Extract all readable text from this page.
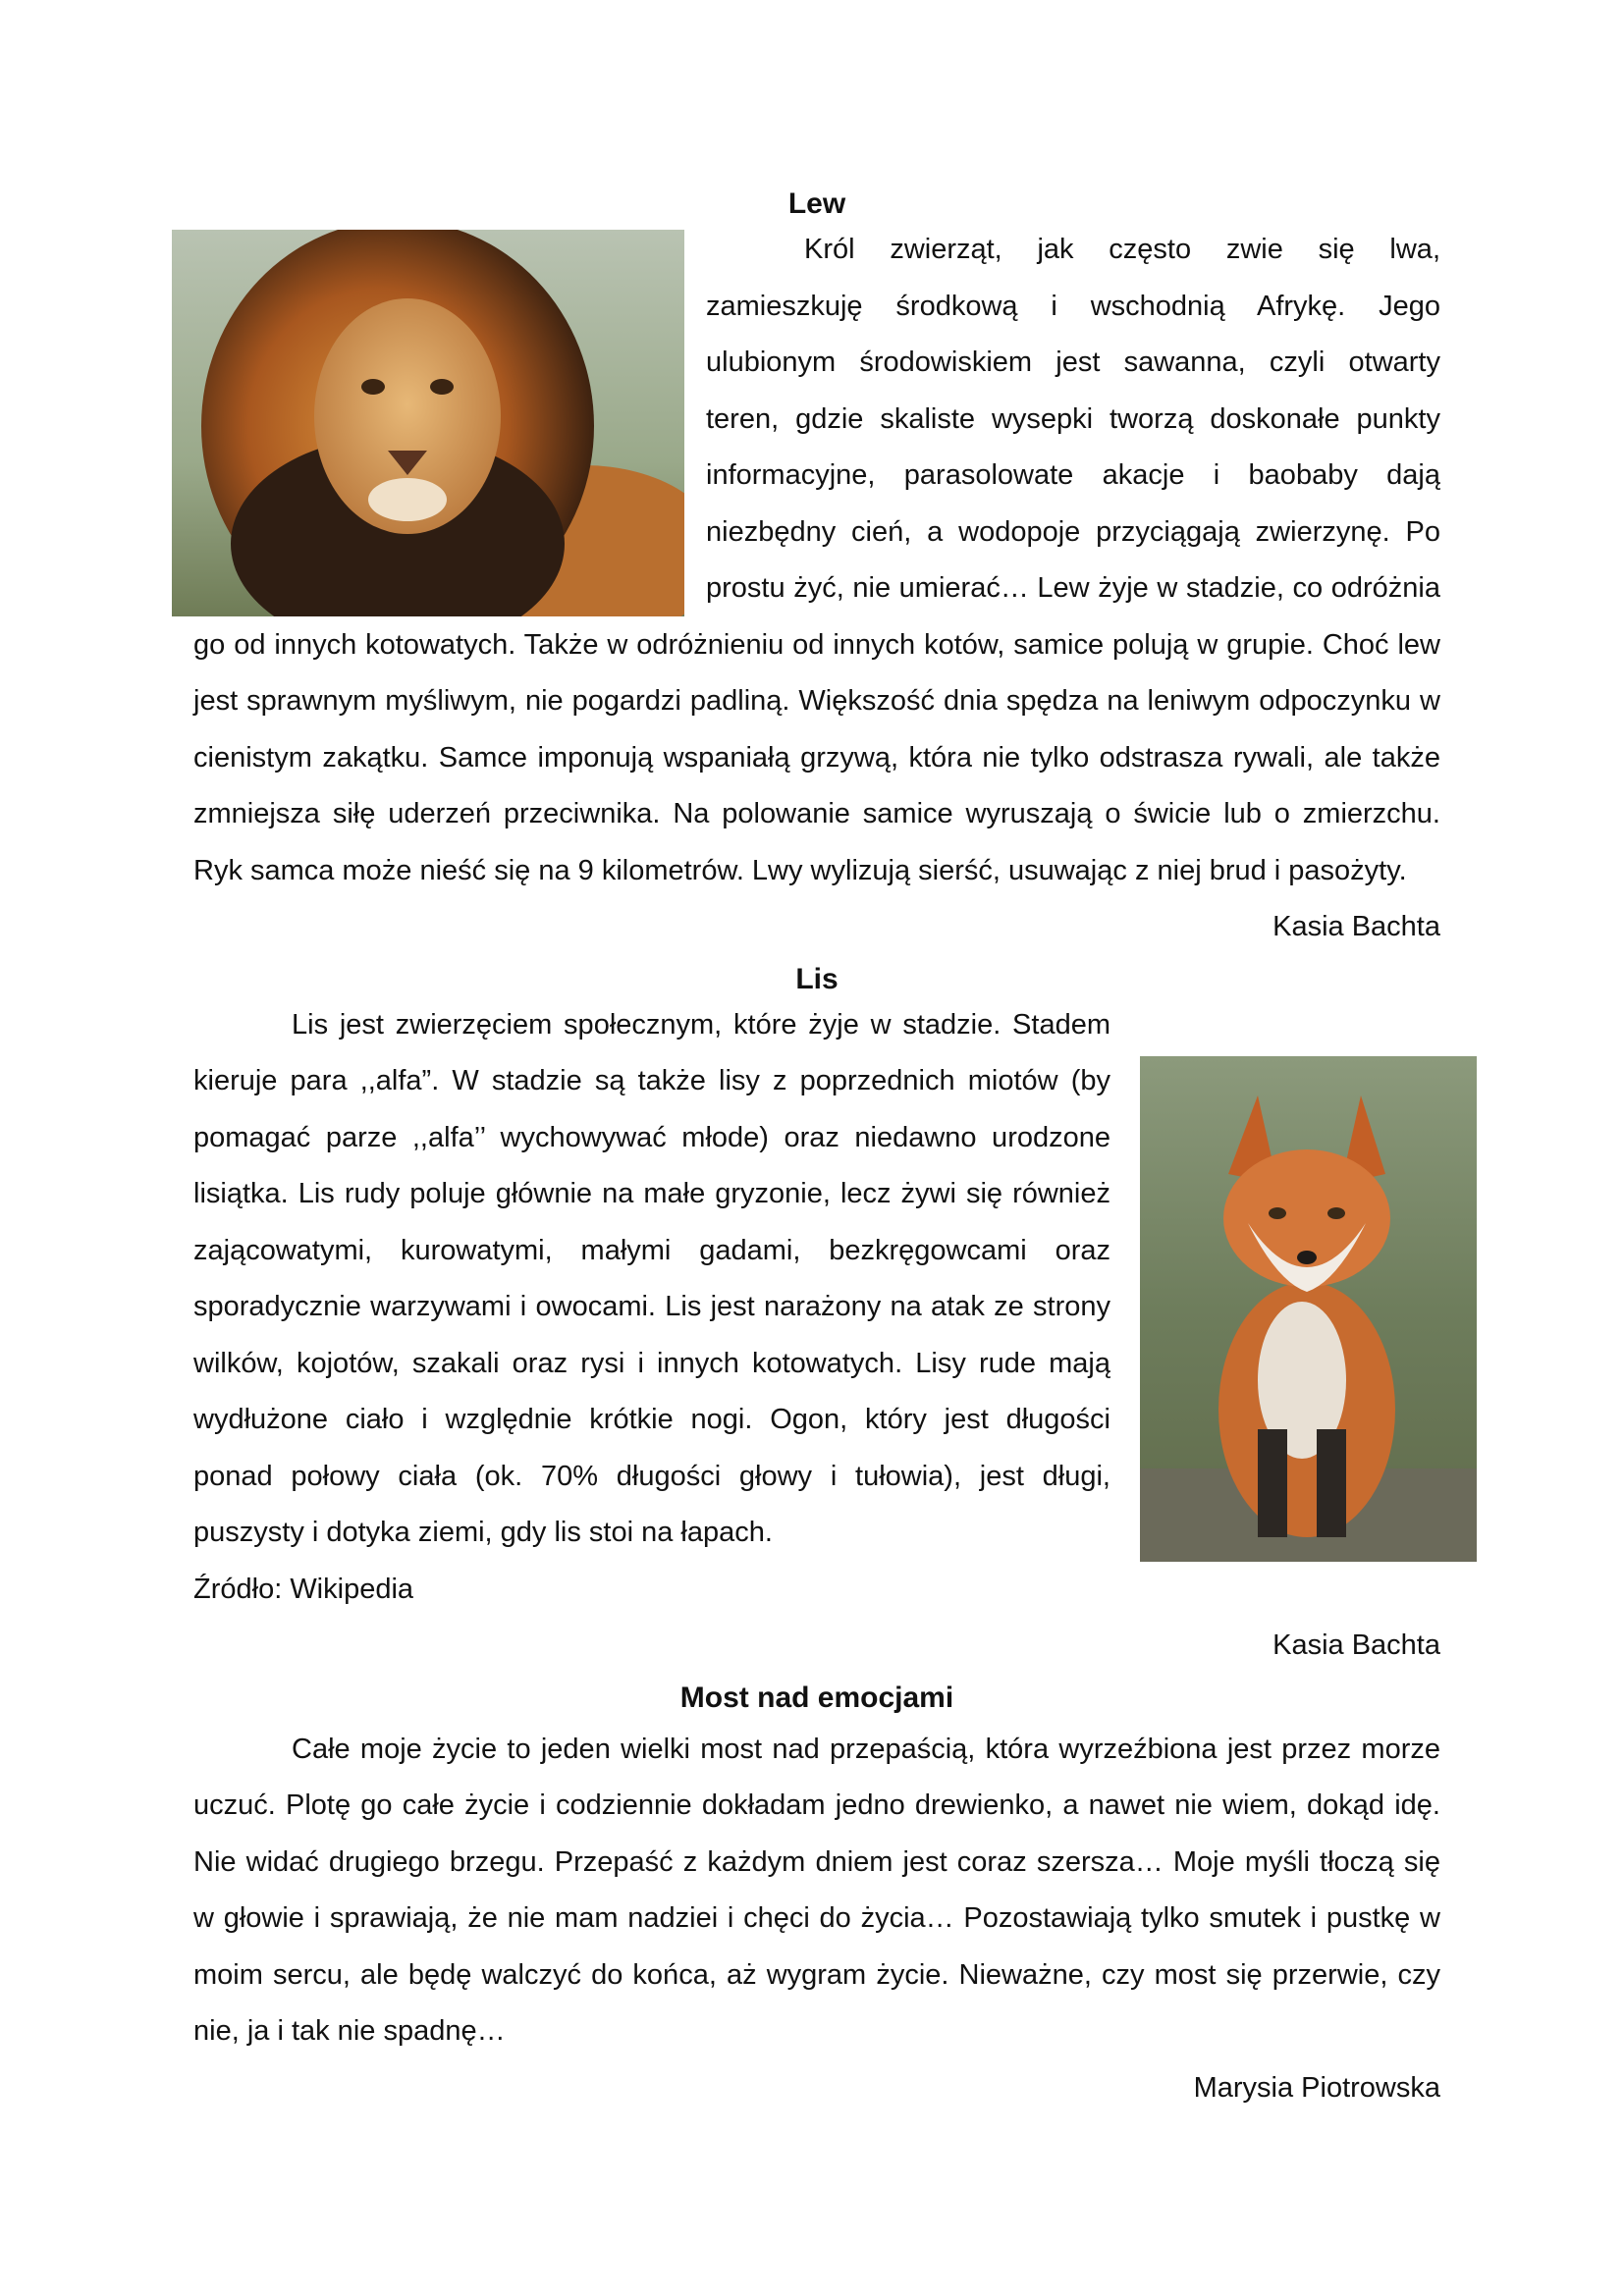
Lew

Król zwierząt, jak często zwie się lwa, zamieszkuję środkową i wschodnią Afrykę. Jego ulubionym środowiskiem jest sawanna, czyli otwarty teren, gdzie skaliste wysepki tworzą doskonałe punkty informacyjne, parasolowate akacje i baobaby dają niezbędny cień, a wodopoje przyciągają zwierzynę. Po prostu żyć, nie umierać… Lew żyje w stadzie, co odróżnia go od innych kotowatych. Także w odróżnieniu od innych kotów, samice polują w grupie. Choć lew jest sprawnym myśliwym, nie pogardzi padliną. Większość dnia spędza na leniwym odpoczynku w cienistym zakątku. Samce imponują wspaniałą grzywą, która nie tylko odstrasza rywali, ale także zmniejsza siłę uderzeń przeciwnika. Na polowanie samice wyruszają o świcie lub o zmierzchu. Ryk samca może nieść się na 9 kilometrów. Lwy wylizują sierść, usuwając z niej brud i pasożyty.

Kasia Bachta

Lis

Lis jest zwierzęciem społecznym, które żyje w stadzie. Stadem kieruje para ,,alfa”. W stadzie są także lisy z poprzednich miotów (by pomagać parze ,,alfa’’ wychowywać młode) oraz niedawno urodzone lisiątka. Lis rudy poluje głównie na małe gryzonie, lecz żywi się również zającowatymi, kurowatymi, małymi gadami, bezkręgowcami oraz sporadycznie warzywami i owocami. Lis jest narażony na atak ze strony wilków, kojotów, szakali oraz rysi i innych kotowatych. Lisy rude mają wydłużone ciało i względnie krótkie nogi. Ogon, który jest długości ponad połowy ciała (ok. 70% długości głowy i tułowia), jest długi, puszysty i dotyka ziemi, gdy lis stoi na łapach.

Źródło: Wikipedia

Kasia Bachta

Most nad emocjami

Całe moje życie to jeden wielki most nad przepaścią, która wyrzeźbiona jest przez morze uczuć. Plotę go całe życie i codziennie dokładam jedno drewienko, a nawet nie wiem, dokąd idę. Nie widać drugiego brzegu. Przepaść z każdym dniem jest coraz szersza… Moje myśli tłoczą się w głowie i sprawiają, że nie mam nadziei i chęci do życia… Pozostawiają tylko smutek i pustkę w moim sercu, ale będę walczyć do końca, aż wygram życie. Nieważne, czy most się przerwie, czy nie, ja i tak nie spadnę…

Marysia Piotrowska
